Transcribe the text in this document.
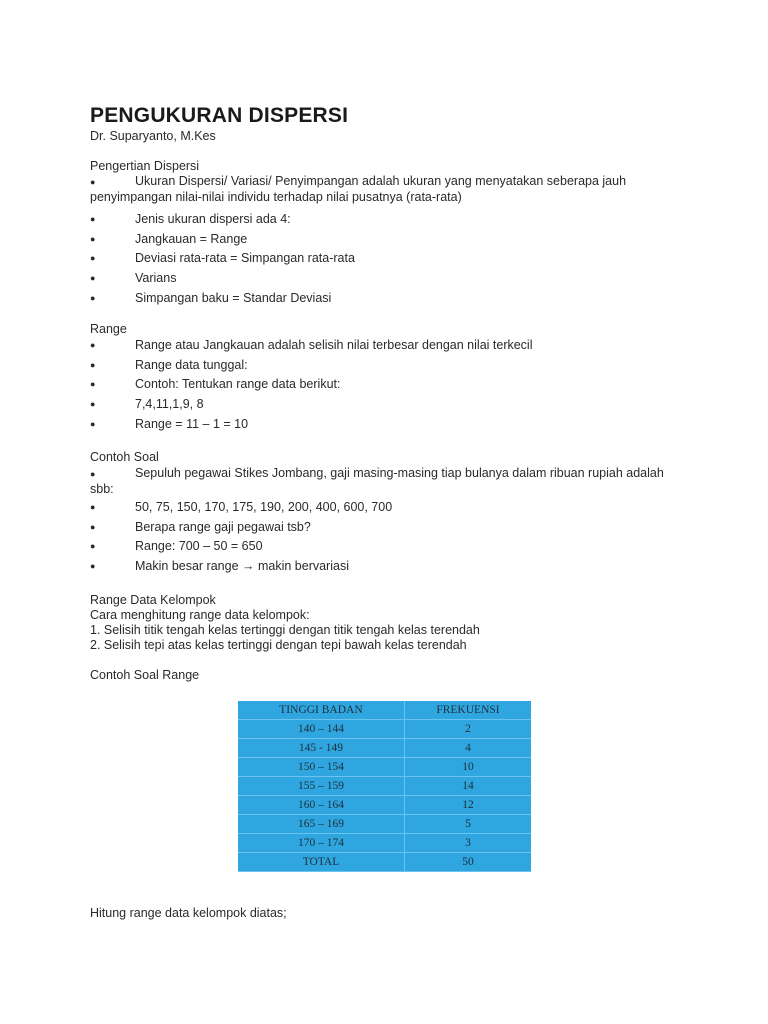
PENGUKURAN DISPERSI
Dr. Suparyanto, M.Kes
Pengertian Dispersi
●	Ukuran Dispersi/ Variasi/ Penyimpangan adalah ukuran yang menyatakan seberapa jauh
penyimpangan nilai-nilai individu terhadap nilai pusatnya (rata-rata)
●	Jenis ukuran dispersi ada 4:
●	Jangkauan = Range
●	Deviasi rata-rata = Simpangan rata-rata
●	Varians
●	Simpangan baku = Standar Deviasi
Range
●	Range atau Jangkauan adalah selisih nilai terbesar dengan nilai terkecil
●	Range data tunggal:
●	Contoh: Tentukan range data berikut:
●	7,4,11,1,9, 8
●	Range = 11 – 1 = 10
Contoh Soal
●	Sepuluh pegawai Stikes Jombang, gaji masing-masing tiap bulanya dalam ribuan rupiah adalah
sbb:
●	50, 75, 150, 170, 175, 190, 200, 400, 600, 700
●	Berapa range gaji pegawai tsb?
●	Range: 700 – 50 = 650
●	Makin besar range → makin bervariasi
Range Data Kelompok
Cara menghitung range data kelompok:
1. Selisih titik tengah kelas tertinggi dengan titik tengah kelas terendah
2. Selisih tepi atas kelas tertinggi dengan tepi bawah kelas terendah
Contoh Soal Range
TINGGI BADAN	FREKUENSI
140 – 144	2
145 - 149	4
150 – 154	10
155 – 159	14
160 – 164	12
165 – 169	5
170 – 174	3
TOTAL	50
Hitung range data kelompok diatas;
